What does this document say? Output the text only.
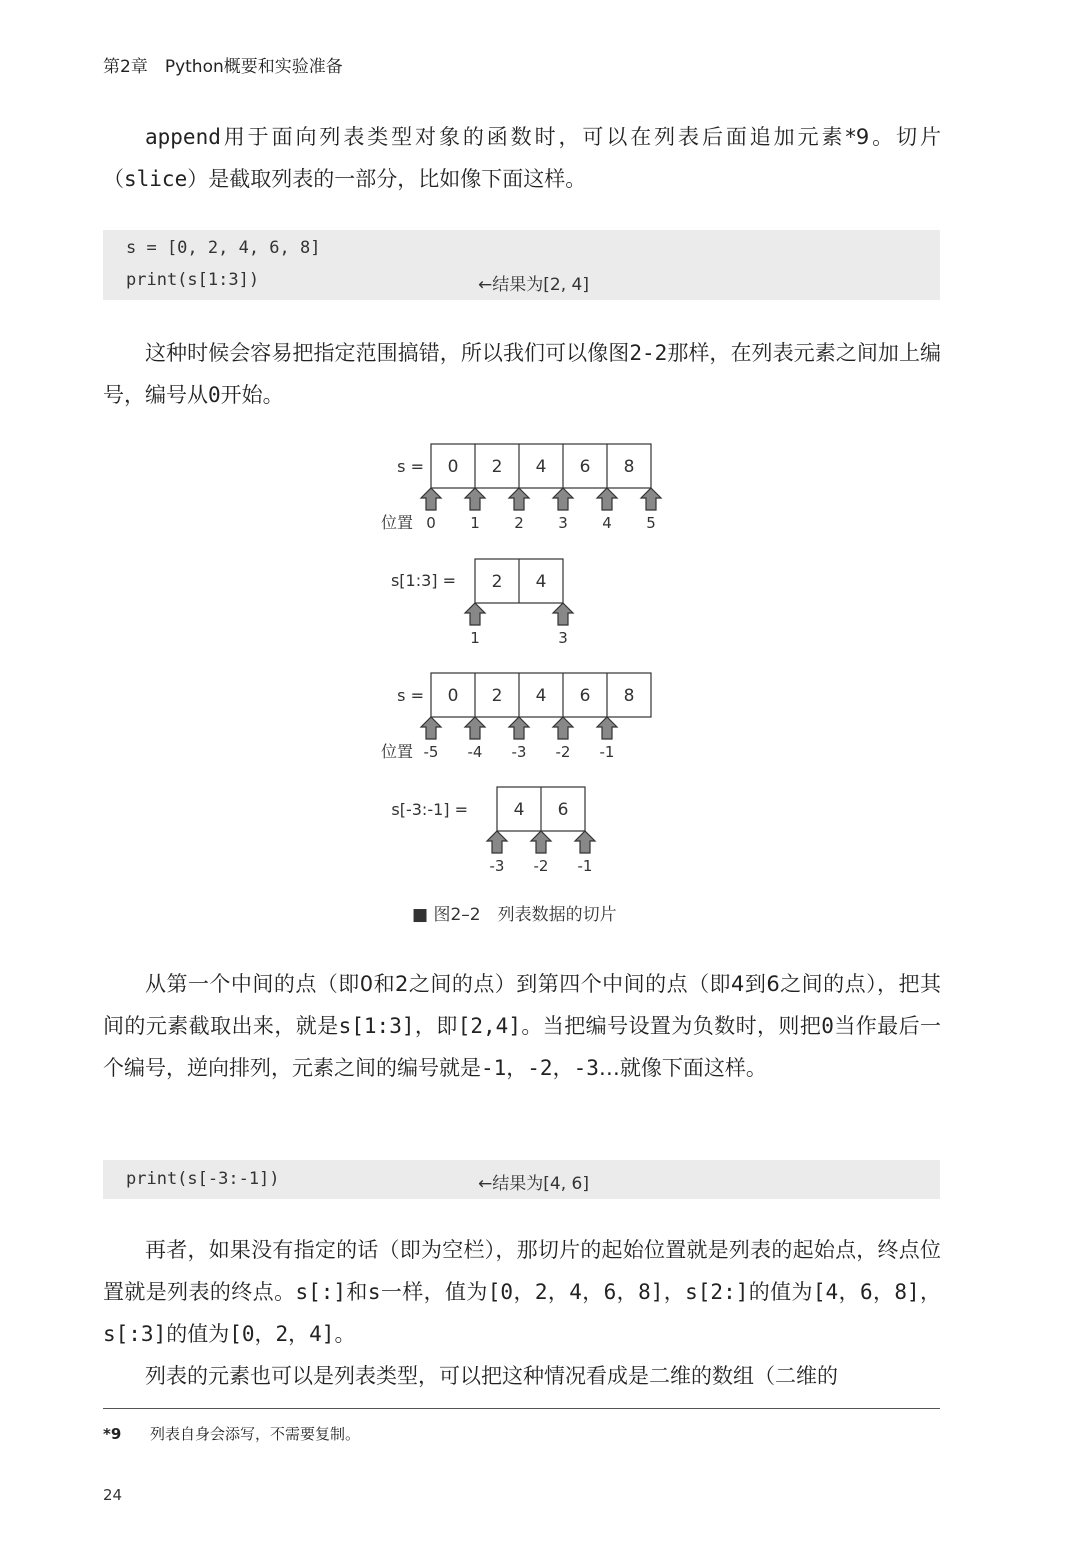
第2章　 Python概要和实验准备

append用于面向列表类型对象的函数时，可以在列表后面追加元素*9。切片（slice）是截取列表的一部分，比如像下面这样。

s = [0, 2, 4, 6, 8]
print(s[1:3])	←结果为[2, 4]

这种时候会容易把指定范围搞错，所以我们可以像图2-2那样，在列表元素之间加上编号，编号从0开始。

s = 0 2 4 6 8
位置 0 1 2 3 4 5
s[1:3] = 2 4
1	3
s = 0 2 4 6 8
位置 -5 -4 -3 -2 -1
s[-3:-1] =	4 6
-3 -2 -1
■ 图2–2　列表数据的切片

从第一个中间的点（即0和2之间的点）到第四个中间的点（即4到6之间的点），把其间的元素截取出来，就是s[1:3]，即[2,4]。当把编号设置为负数时，则把0当作最后一个编号，逆向排列，元素之间的编号就是-1，-2，-3…就像下面这样。

print(s[-3:-1])	←结果为[4, 6]

再者，如果没有指定的话（即为空栏），那切片的起始位置就是列表的起始点，终点位置就是列表的终点。s[:]和s一样，值为[0，2，4，6，8]，s[2:]的值为[4，6，8]，s[:3]的值为[0，2，4]。

列表的元素也可以是列表类型，可以把这种情况看成是二维的数组（二维的

*9 列表自身会添写，不需要复制。
24
